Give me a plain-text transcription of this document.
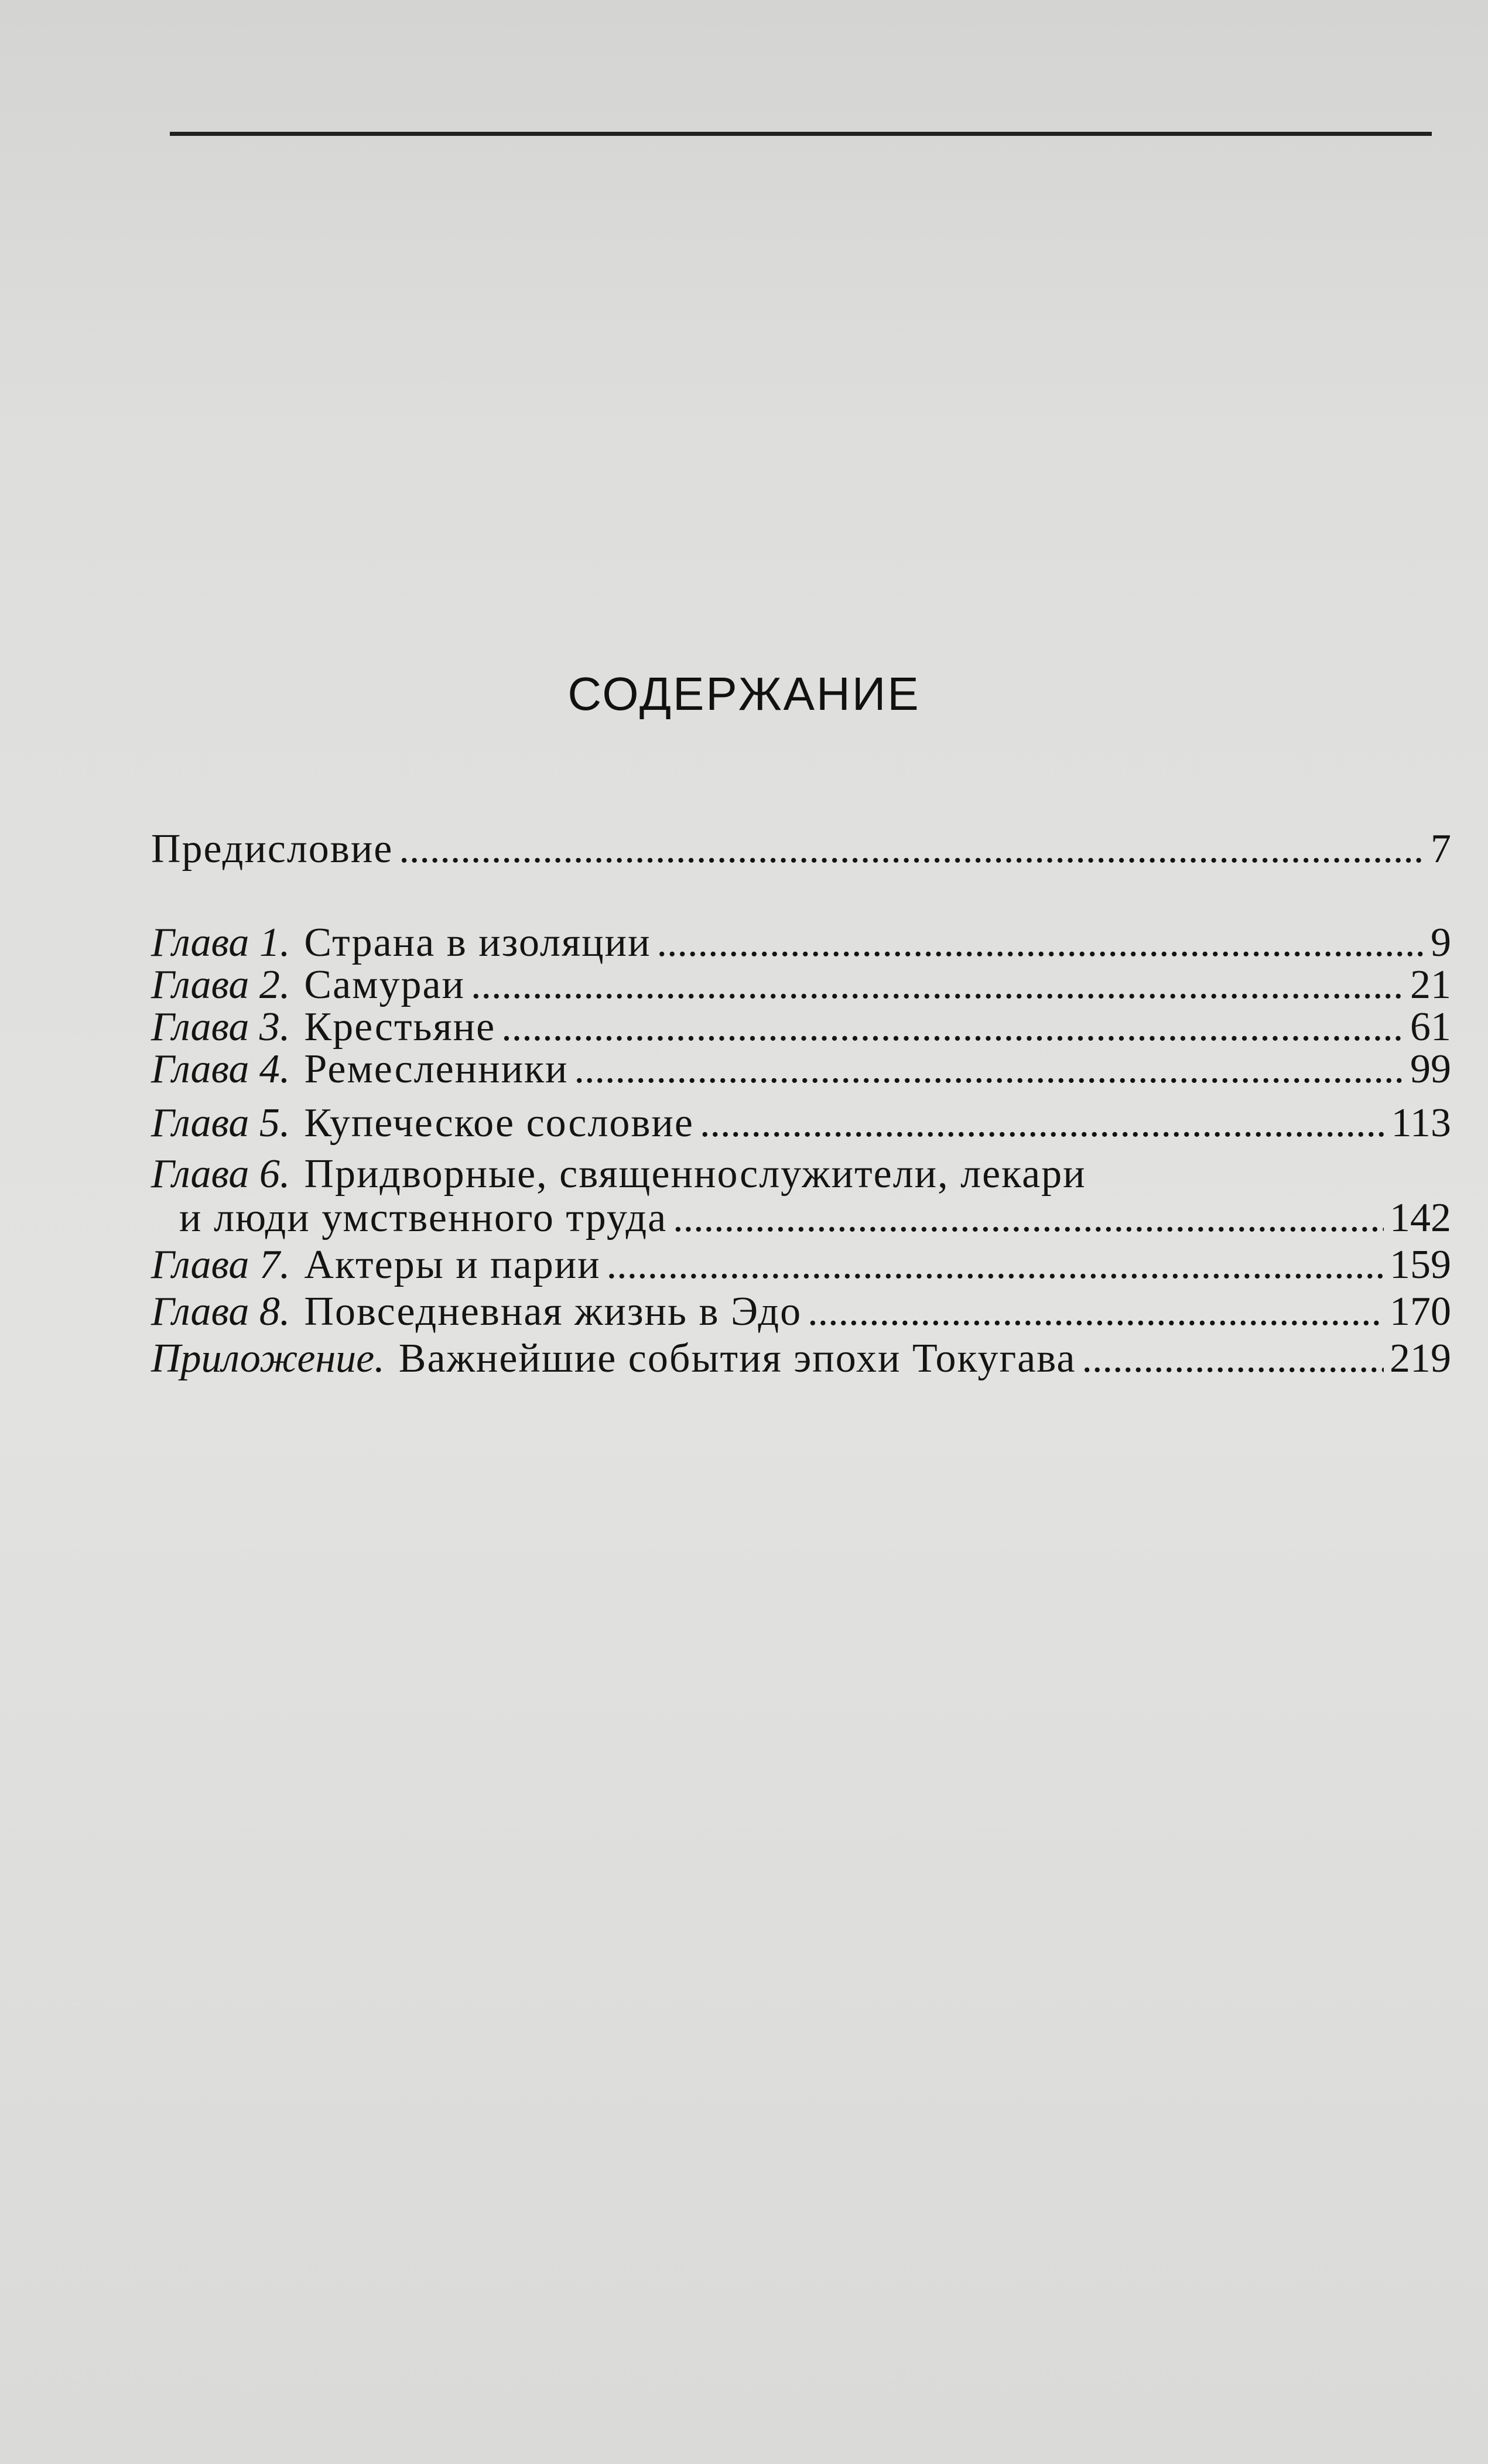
СОДЕРЖАНИЕ
Предисловие .....	7
Глава 1. Страна в изоляции .....	9
Глава 2. Самураи .....	21
Глава 3. Крестьяне .....	61
Глава 4. Ремесленники .....	99
Глава 5. Купеческое сословие .....	113
Глава 6. Придворные, священнослужители, лекари
и люди умственного труда .....	142
Глава 7. Актеры и парии .....	159
Глава 8. Повседневная жизнь в Эдо .....	170
Приложение. Важнейшие события эпохи Токугава .....	219
